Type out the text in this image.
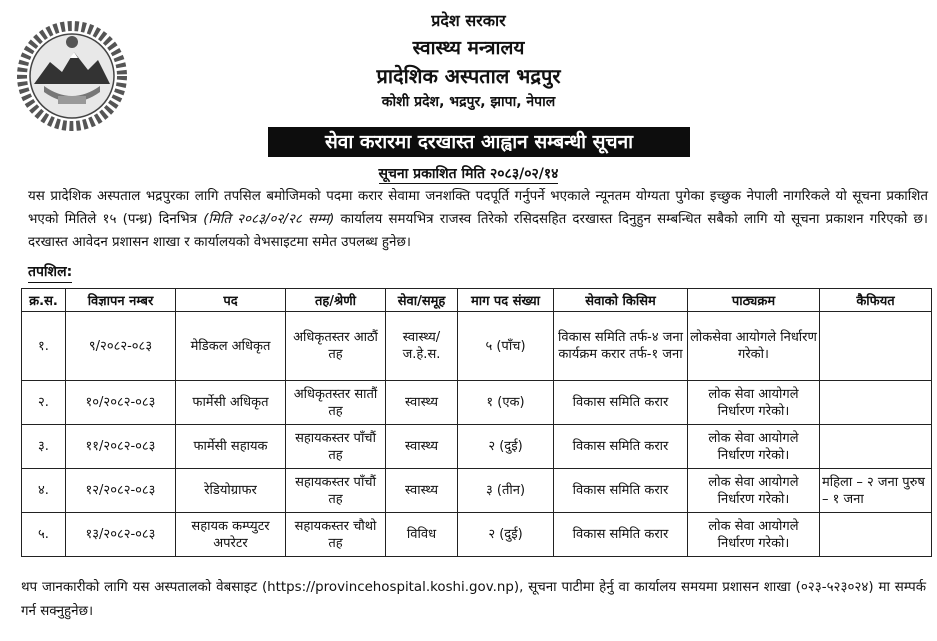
प्रदेश सरकार
स्वास्थ्य मन्त्रालय
प्रादेशिक अस्पताल भद्रपुर
कोशी प्रदेश, भद्रपुर, झापा, नेपाल
सेवा करारमा दरखास्त आह्वान सम्बन्धी सूचना
सूचना प्रकाशित मिति २०८३/०२/१४
यस प्रादेशिक अस्पताल भद्रपुरका लागि तपसिल बमोजिमको पदमा करार सेवामा जनशक्ति पदपूर्ति गर्नुपर्ने भएकाले न्यूनतम योग्यता पुगेका इच्छुक नेपाली नागरिकले यो सूचना प्रकाशित भएको मितिले १५ (पन्ध्र) दिनभित्र (मिति २०८३/०२/२८ सम्म) कार्यालय समयभित्र राजस्व तिरेको रसिदसहित दरखास्त दिनुहुन सम्बन्धित सबैको लागि यो सूचना प्रकाशन गरिएको छ। दरखास्त आवेदन प्रशासन शाखा र कार्यालयको वेभसाइटमा समेत उपलब्ध हुनेछ।
तपशिल:
क्र.स.	विज्ञापन नम्बर	पद	तह/श्रेणी	सेवा/समूह	माग पद संख्या	सेवाको किसिम	पाठ्यक्रम	कैफियत
१.	९/२०८२-०८३	मेडिकल अधिकृत	अधिकृतस्तर आठौं तह	स्वास्थ्य/ ज.हे.स.	५ (पाँच)	विकास समिति तर्फ-४ जना कार्यक्रम करार तर्फ-१ जना	लोकसेवा आयोगले निर्धारण गरेको।	
२.	१०/२०८२-०८३	फार्मेसी अधिकृत	अधिकृतस्तर सातौं तह	स्वास्थ्य	१ (एक)	विकास समिति करार	लोक सेवा आयोगले निर्धारण गरेको।	
३.	११/२०८२-०८३	फार्मेसी सहायक	सहायकस्तर पाँचौं तह	स्वास्थ्य	२ (दुई)	विकास समिति करार	लोक सेवा आयोगले निर्धारण गरेको।	
४.	१२/२०८२-०८३	रेडियोग्राफर	सहायकस्तर पाँचौं तह	स्वास्थ्य	३ (तीन)	विकास समिति करार	लोक सेवा आयोगले निर्धारण गरेको।	महिला – २ जना पुरुष – १ जना
५.	१३/२०८२-०८३	सहायक कम्प्युटर अपरेटर	सहायकस्तर चौथो तह	विविध	२ (दुई)	विकास समिति करार	लोक सेवा आयोगले निर्धारण गरेको।	
थप जानकारीको लागि यस अस्पतालको वेबसाइट (https://provincehospital.koshi.gov.np), सूचना पाटीमा हेर्नु वा कार्यालय समयमा प्रशासन शाखा (०२३-५२३०२४) मा सम्पर्क गर्न सक्नुहुनेछ।
